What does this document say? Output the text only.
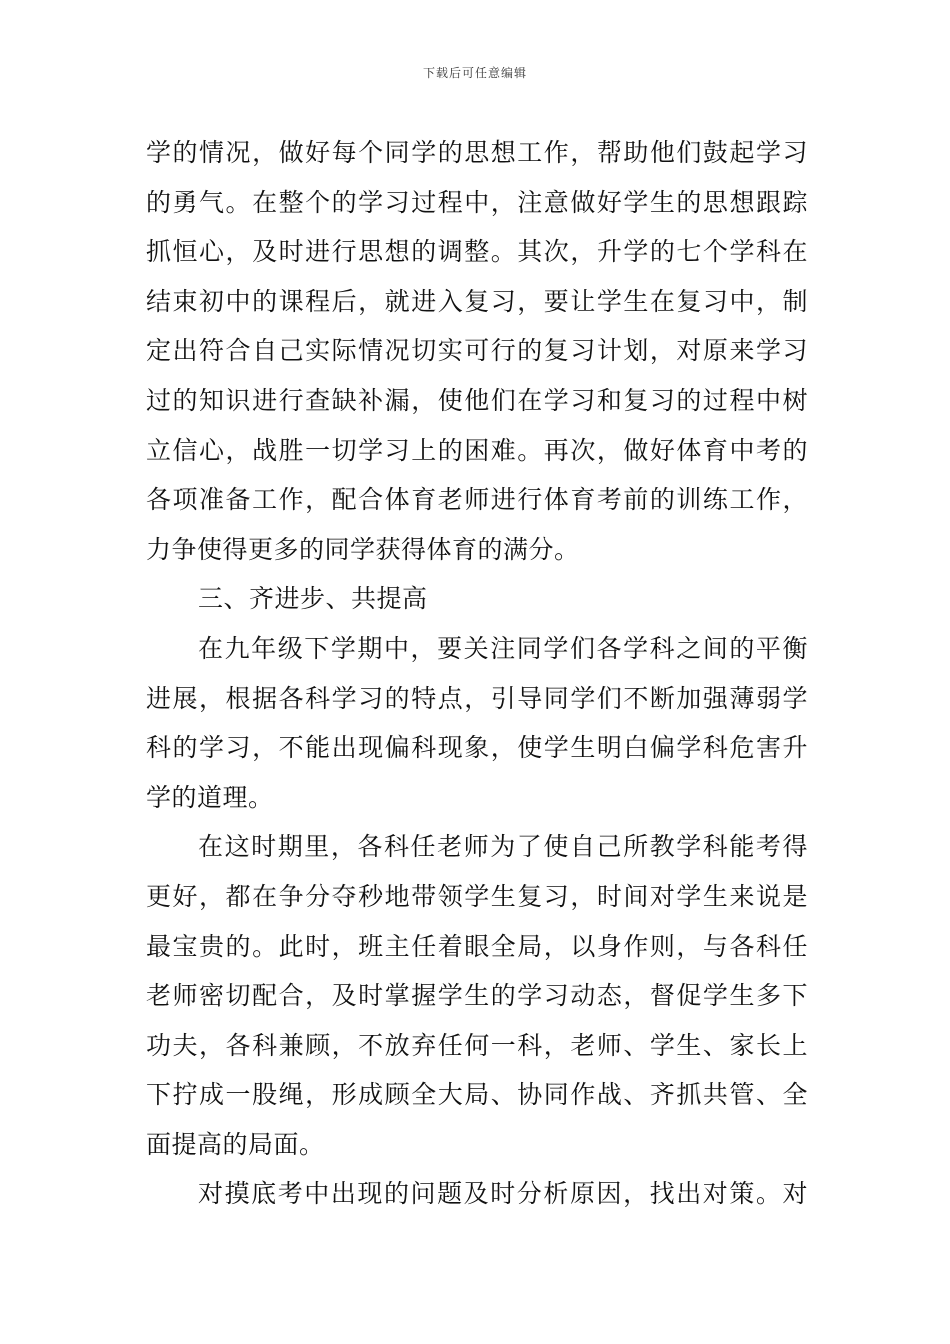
下载后可任意编辑
学的情况，做好每个同学的思想工作，帮助他们鼓起学习
的勇气。在整个的学习过程中，注意做好学生的思想跟踪
抓恒心，及时进行思想的调整。其次，升学的七个学科在
结束初中的课程后，就进入复习，要让学生在复习中，制
定出符合自己实际情况切实可行的复习计划，对原来学习
过的知识进行查缺补漏，使他们在学习和复习的过程中树
立信心，战胜一切学习上的困难。再次，做好体育中考的
各项准备工作，配合体育老师进行体育考前的训练工作，
力争使得更多的同学获得体育的满分。
三、齐进步、共提高
在九年级下学期中，要关注同学们各学科之间的平衡
进展，根据各科学习的特点，引导同学们不断加强薄弱学
科的学习，不能出现偏科现象，使学生明白偏学科危害升
学的道理。
在这时期里，各科任老师为了使自己所教学科能考得
更好，都在争分夺秒地带领学生复习，时间对学生来说是
最宝贵的。此时，班主任着眼全局，以身作则，与各科任
老师密切配合，及时掌握学生的学习动态，督促学生多下
功夫，各科兼顾，不放弃任何一科，老师、学生、家长上
下拧成一股绳，形成顾全大局、协同作战、齐抓共管、全
面提高的局面。
对摸底考中出现的问题及时分析原因，找出对策。对
